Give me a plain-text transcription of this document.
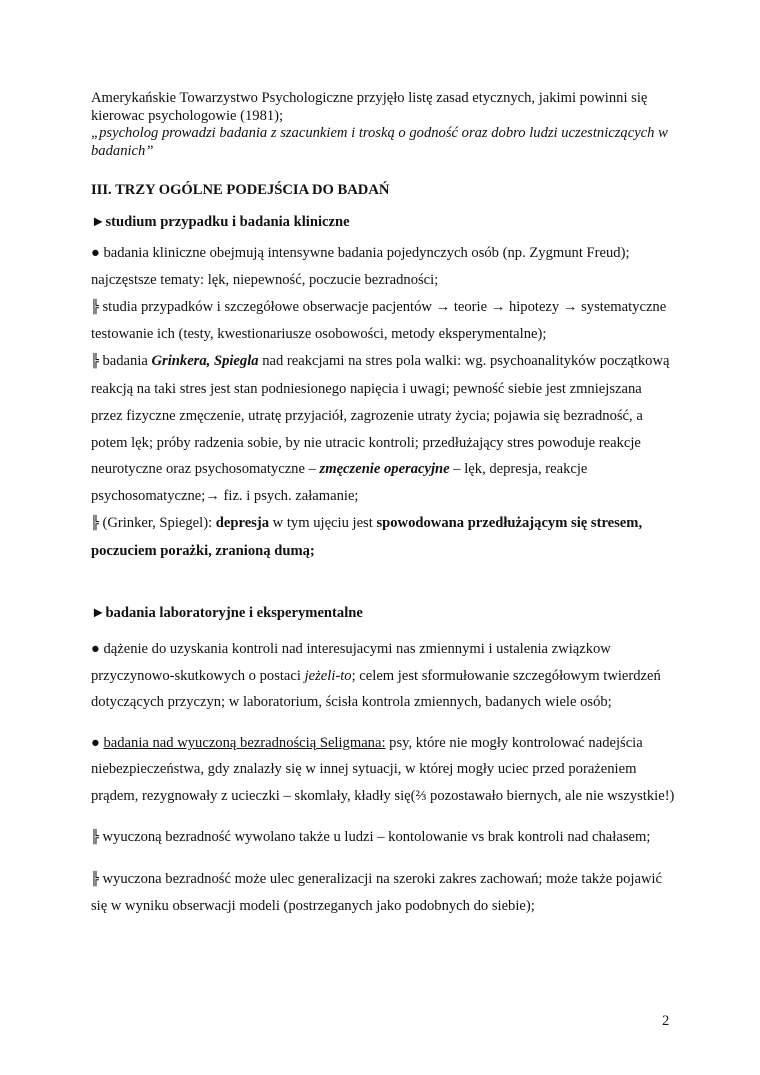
Amerykańskie Towarzystwo Psychologiczne przyjęło listę zasad etycznych, jakimi powinni się kierowac psychologowie (1981);
„psycholog prowadzi badania z szacunkiem i troską o godność oraz dobro ludzi uczestniczących w badanich”
III. TRZY OGÓLNE PODEJŚCIA DO BADAŃ
►studium przypadku i badania kliniczne

● badania kliniczne obejmują intensywne badania pojedynczych osób (np. Zygmunt Freud); najczęstsze tematy: lęk, niepewność, poczucie bezradności;

╠ studia przypadków i szczegółowe obserwacje pacjentów → teorie → hipotezy → systematyczne testowanie ich (testy, kwestionariusze osobowości, metody eksperymentalne);

╠ badania Grinkera, Spiegla nad reakcjami na stres pola walki: wg. psychoanalityków początkową reakcją na taki stres jest stan podniesionego napięcia i uwagi; pewność siebie jest zmniejszana przez fizyczne zmęczenie, utratę przyjaciół, zagrozenie utraty życia; pojawia się bezradność, a potem lęk; próby radzenia sobie, by nie utracic kontroli; przedłużający stres powoduje reakcje neurotyczne oraz psychosomatyczne – zmęczenie operacyjne – lęk, depresja, reakcje psychosomatyczne;→ fiz. i psych. załamanie;

╠ (Grinker, Spiegel): depresja w tym ujęciu jest spowodowana przedłużającym się stresem, poczuciem porażki, zranioną dumą;

►badania laboratoryjne i eksperymentalne

● dążenie do uzyskania kontroli nad interesujacymi nas zmiennymi i ustalenia związkow przyczynowo-skutkowych o postaci jeżeli-to; celem jest sformułowanie szczegółowym twierdzeń dotyczących przyczyn; w laboratorium, ścisła kontrola zmiennych, badanych wiele osób;

● badania nad wyuczoną bezradnością Seligmana: psy, które nie mogły kontrolować nadejścia niebezpieczeństwa, gdy znalazły się w innej sytuacji, w której mogły uciec przed porażeniem prądem, rezygnowały z ucieczki – skomlały, kładły się(⅔ pozostawało biernych, ale nie wszystkie!)

╠ wyuczoną bezradność wywolano także u ludzi – kontolowanie vs brak kontroli nad chałasem;

╠ wyuczona bezradność może ulec generalizacji na szeroki zakres zachowań; może także pojawić się w wyniku obserwacji modeli (postrzeganych jako podobnych do siebie);

2
